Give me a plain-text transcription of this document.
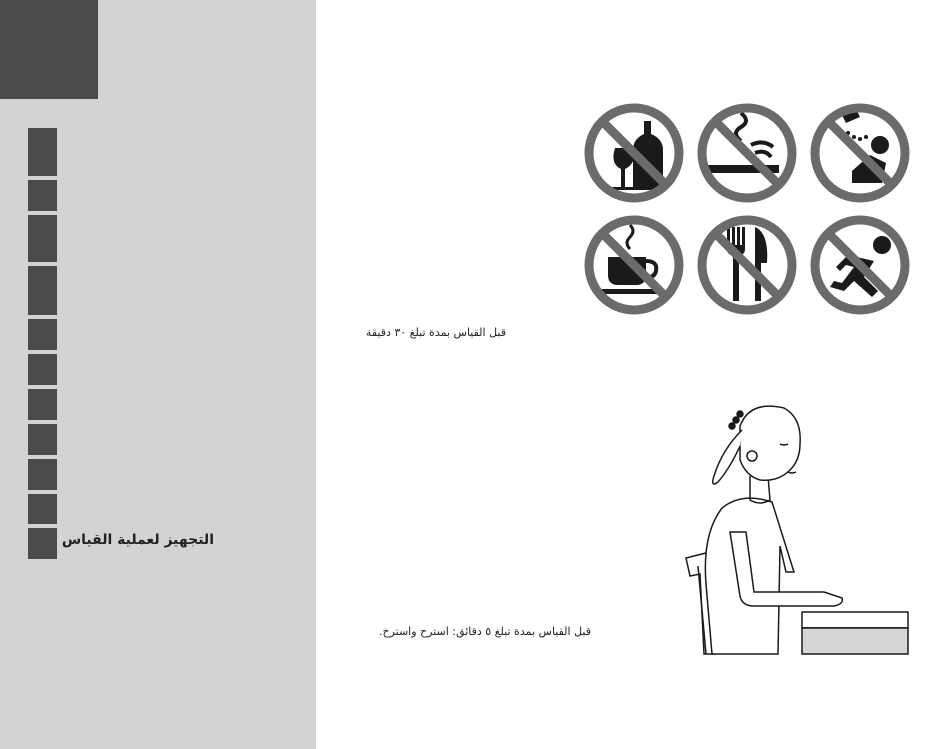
التجهيز لعملية القياس
قبل القياس بمدة تبلغ ٣٠ دقيقة
قبل القياس بمدة تبلغ ٥ دقائق: استرح واسترخ.
